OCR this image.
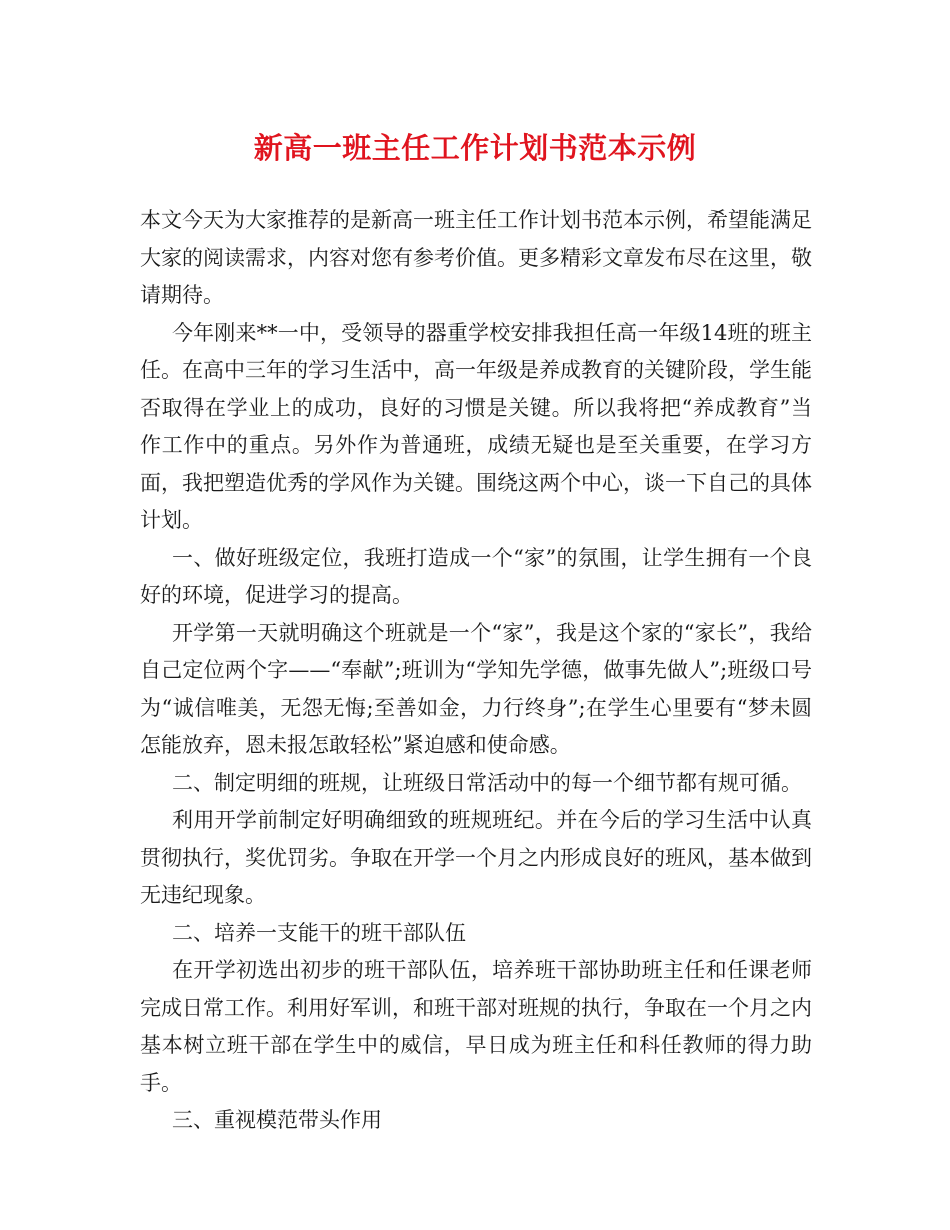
新高一班主任工作计划书范本示例

本文今天为大家推荐的是新高一班主任工作计划书范本示例，希望能满足大家的阅读需求，内容对您有参考价值。更多精彩文章发布尽在这里，敬请期待。

今年刚来**一中，受领导的器重学校安排我担任高一年级14班的班主任。在高中三年的学习生活中，高一年级是养成教育的关键阶段，学生能否取得在学业上的成功，良好的习惯是关键。所以我将把“养成教育”当作工作中的重点。另外作为普通班，成绩无疑也是至关重要，在学习方面，我把塑造优秀的学风作为关键。围绕这两个中心，谈一下自己的具体计划。

一、做好班级定位，我班打造成一个“家”的氛围，让学生拥有一个良好的环境，促进学习的提高。

开学第一天就明确这个班就是一个“家”，我是这个家的“家长”，我给自己定位两个字——“奉献”;班训为“学知先学德，做事先做人”;班级口号为“诚信唯美，无怨无悔;至善如金，力行终身”;在学生心里要有“梦未圆怎能放弃，恩未报怎敢轻松”紧迫感和使命感。

二、制定明细的班规，让班级日常活动中的每一个细节都有规可循。

利用开学前制定好明确细致的班规班纪。并在今后的学习生活中认真贯彻执行，奖优罚劣。争取在开学一个月之内形成良好的班风，基本做到无违纪现象。

二、培养一支能干的班干部队伍

在开学初选出初步的班干部队伍，培养班干部协助班主任和任课老师完成日常工作。利用好军训，和班干部对班规的执行，争取在一个月之内基本树立班干部在学生中的威信，早日成为班主任和科任教师的得力助手。

三、重视模范带头作用
